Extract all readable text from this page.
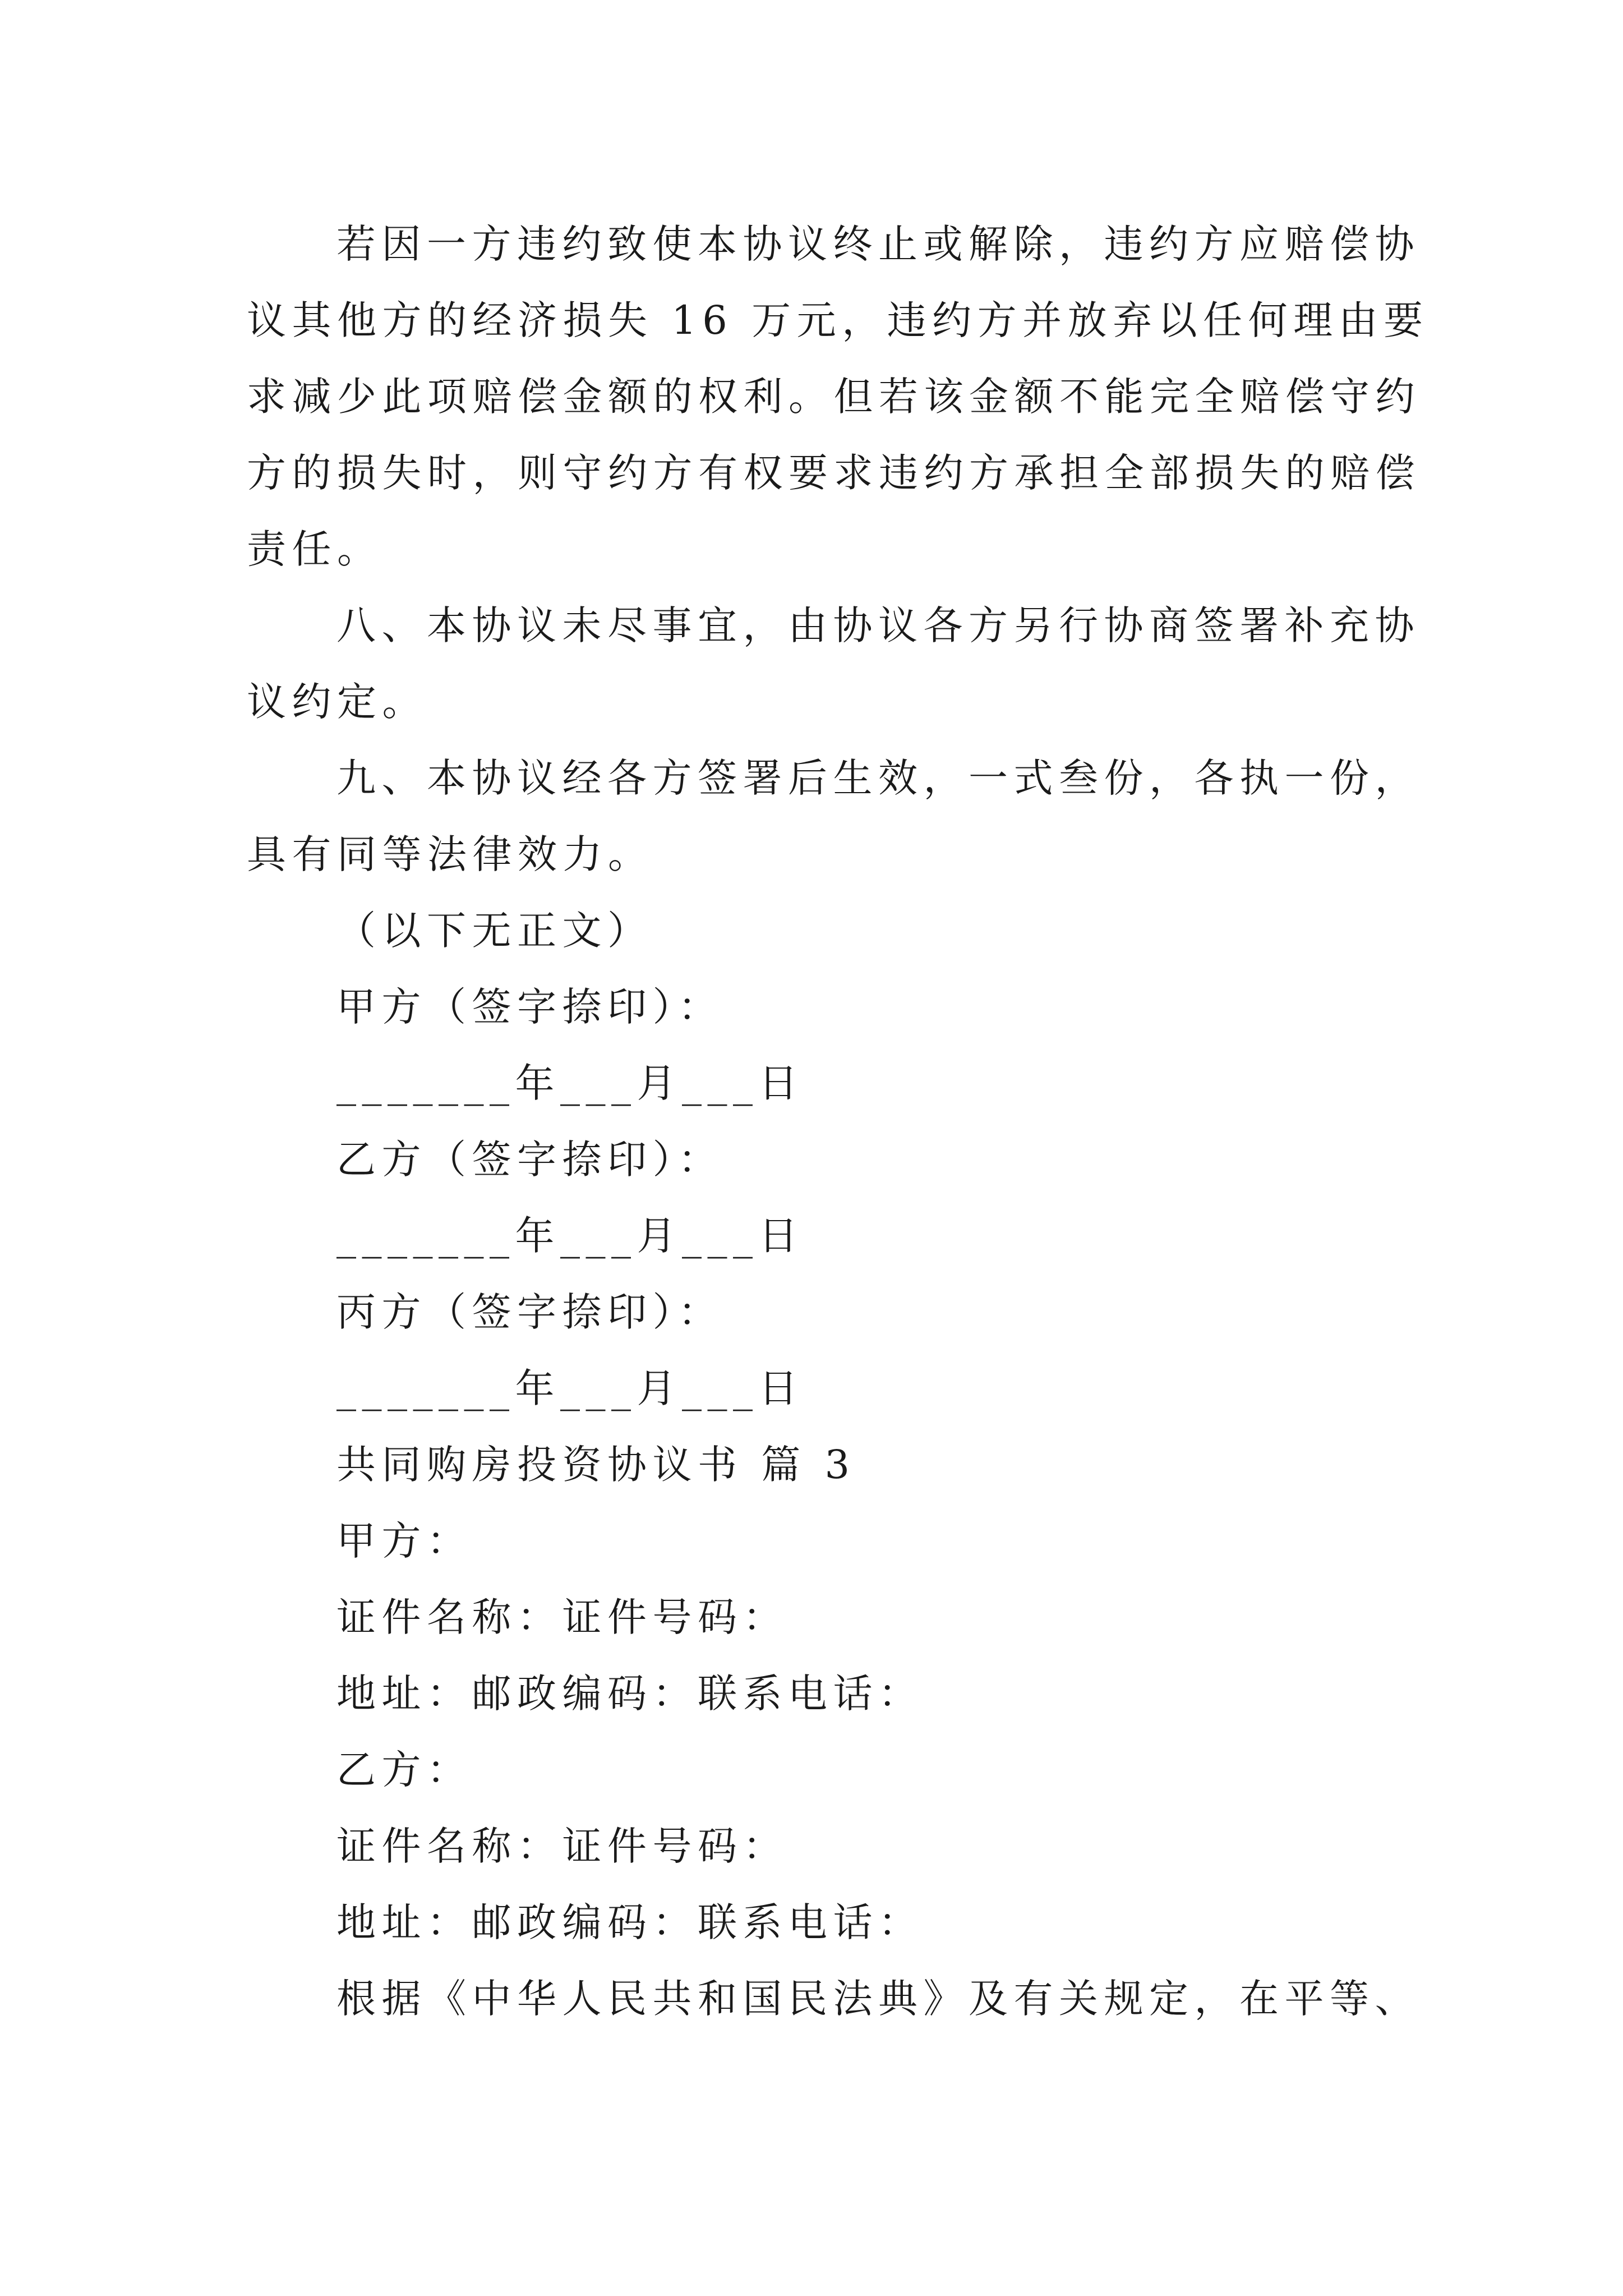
若因一方违约致使本协议终止或解除，违约方应赔偿协
议其他方的经济损失 16 万元，违约方并放弃以任何理由要
求减少此项赔偿金额的权利。但若该金额不能完全赔偿守约
方的损失时，则守约方有权要求违约方承担全部损失的赔偿
责任。
八、本协议未尽事宜，由协议各方另行协商签署补充协
议约定。
九、本协议经各方签署后生效，一式叁份，各执一份，
具有同等法律效力。
（以下无正文）
甲方（签字捺印）：
_______年___月___日
乙方（签字捺印）：
_______年___月___日
丙方（签字捺印）：
_______年___月___日
共同购房投资协议书 篇 3
甲方：
证件名称：证件号码：
地址：邮政编码：联系电话：
乙方：
证件名称：证件号码：
地址：邮政编码：联系电话：
根据《中华人民共和国民法典》及有关规定，在平等、
